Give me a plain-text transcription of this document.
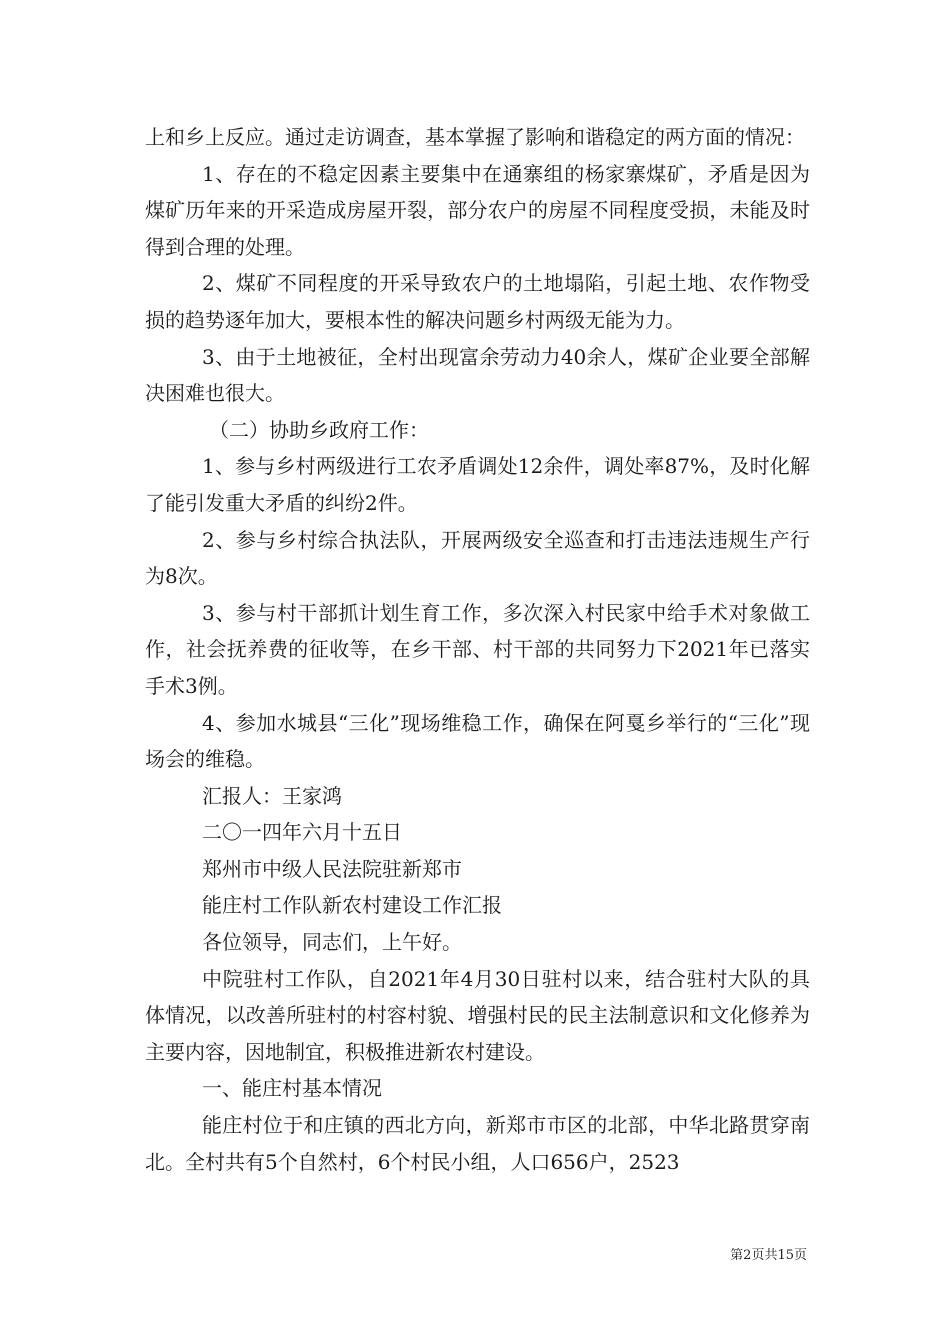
上和乡上反应。通过走访调查，基本掌握了影响和谐稳定的两方面的情况：

1、存在的不稳定因素主要集中在通寨组的杨家寨煤矿，矛盾是因为煤矿历年来的开采造成房屋开裂，部分农户的房屋不同程度受损，未能及时得到合理的处理。

2、煤矿不同程度的开采导致农户的土地塌陷，引起土地、农作物受损的趋势逐年加大，要根本性的解决问题乡村两级无能为力。

3、由于土地被征，全村出现富余劳动力40余人，煤矿企业要全部解决困难也很大。

（二）协助乡政府工作：

1、参与乡村两级进行工农矛盾调处12余件，调处率87%，及时化解了能引发重大矛盾的纠纷2件。

2、参与乡村综合执法队，开展两级安全巡查和打击违法违规生产行为8次。

3、参与村干部抓计划生育工作，多次深入村民家中给手术对象做工作，社会抚养费的征收等，在乡干部、村干部的共同努力下2021年已落实手术3例。

4、参加水城县“三化”现场维稳工作，确保在阿戛乡举行的“三化”现场会的维稳。

汇报人：王家鸿

二〇一四年六月十五日

郑州市中级人民法院驻新郑市

能庄村工作队新农村建设工作汇报

各位领导，同志们，上午好。

中院驻村工作队，自2021年4月30日驻村以来，结合驻村大队的具体情况，以改善所驻村的村容村貌、增强村民的民主法制意识和文化修养为主要内容，因地制宜，积极推进新农村建设。

一、能庄村基本情况

能庄村位于和庄镇的西北方向，新郑市市区的北部，中华北路贯穿南北。全村共有5个自然村，6个村民小组，人口656户，2523

第2页共15页
